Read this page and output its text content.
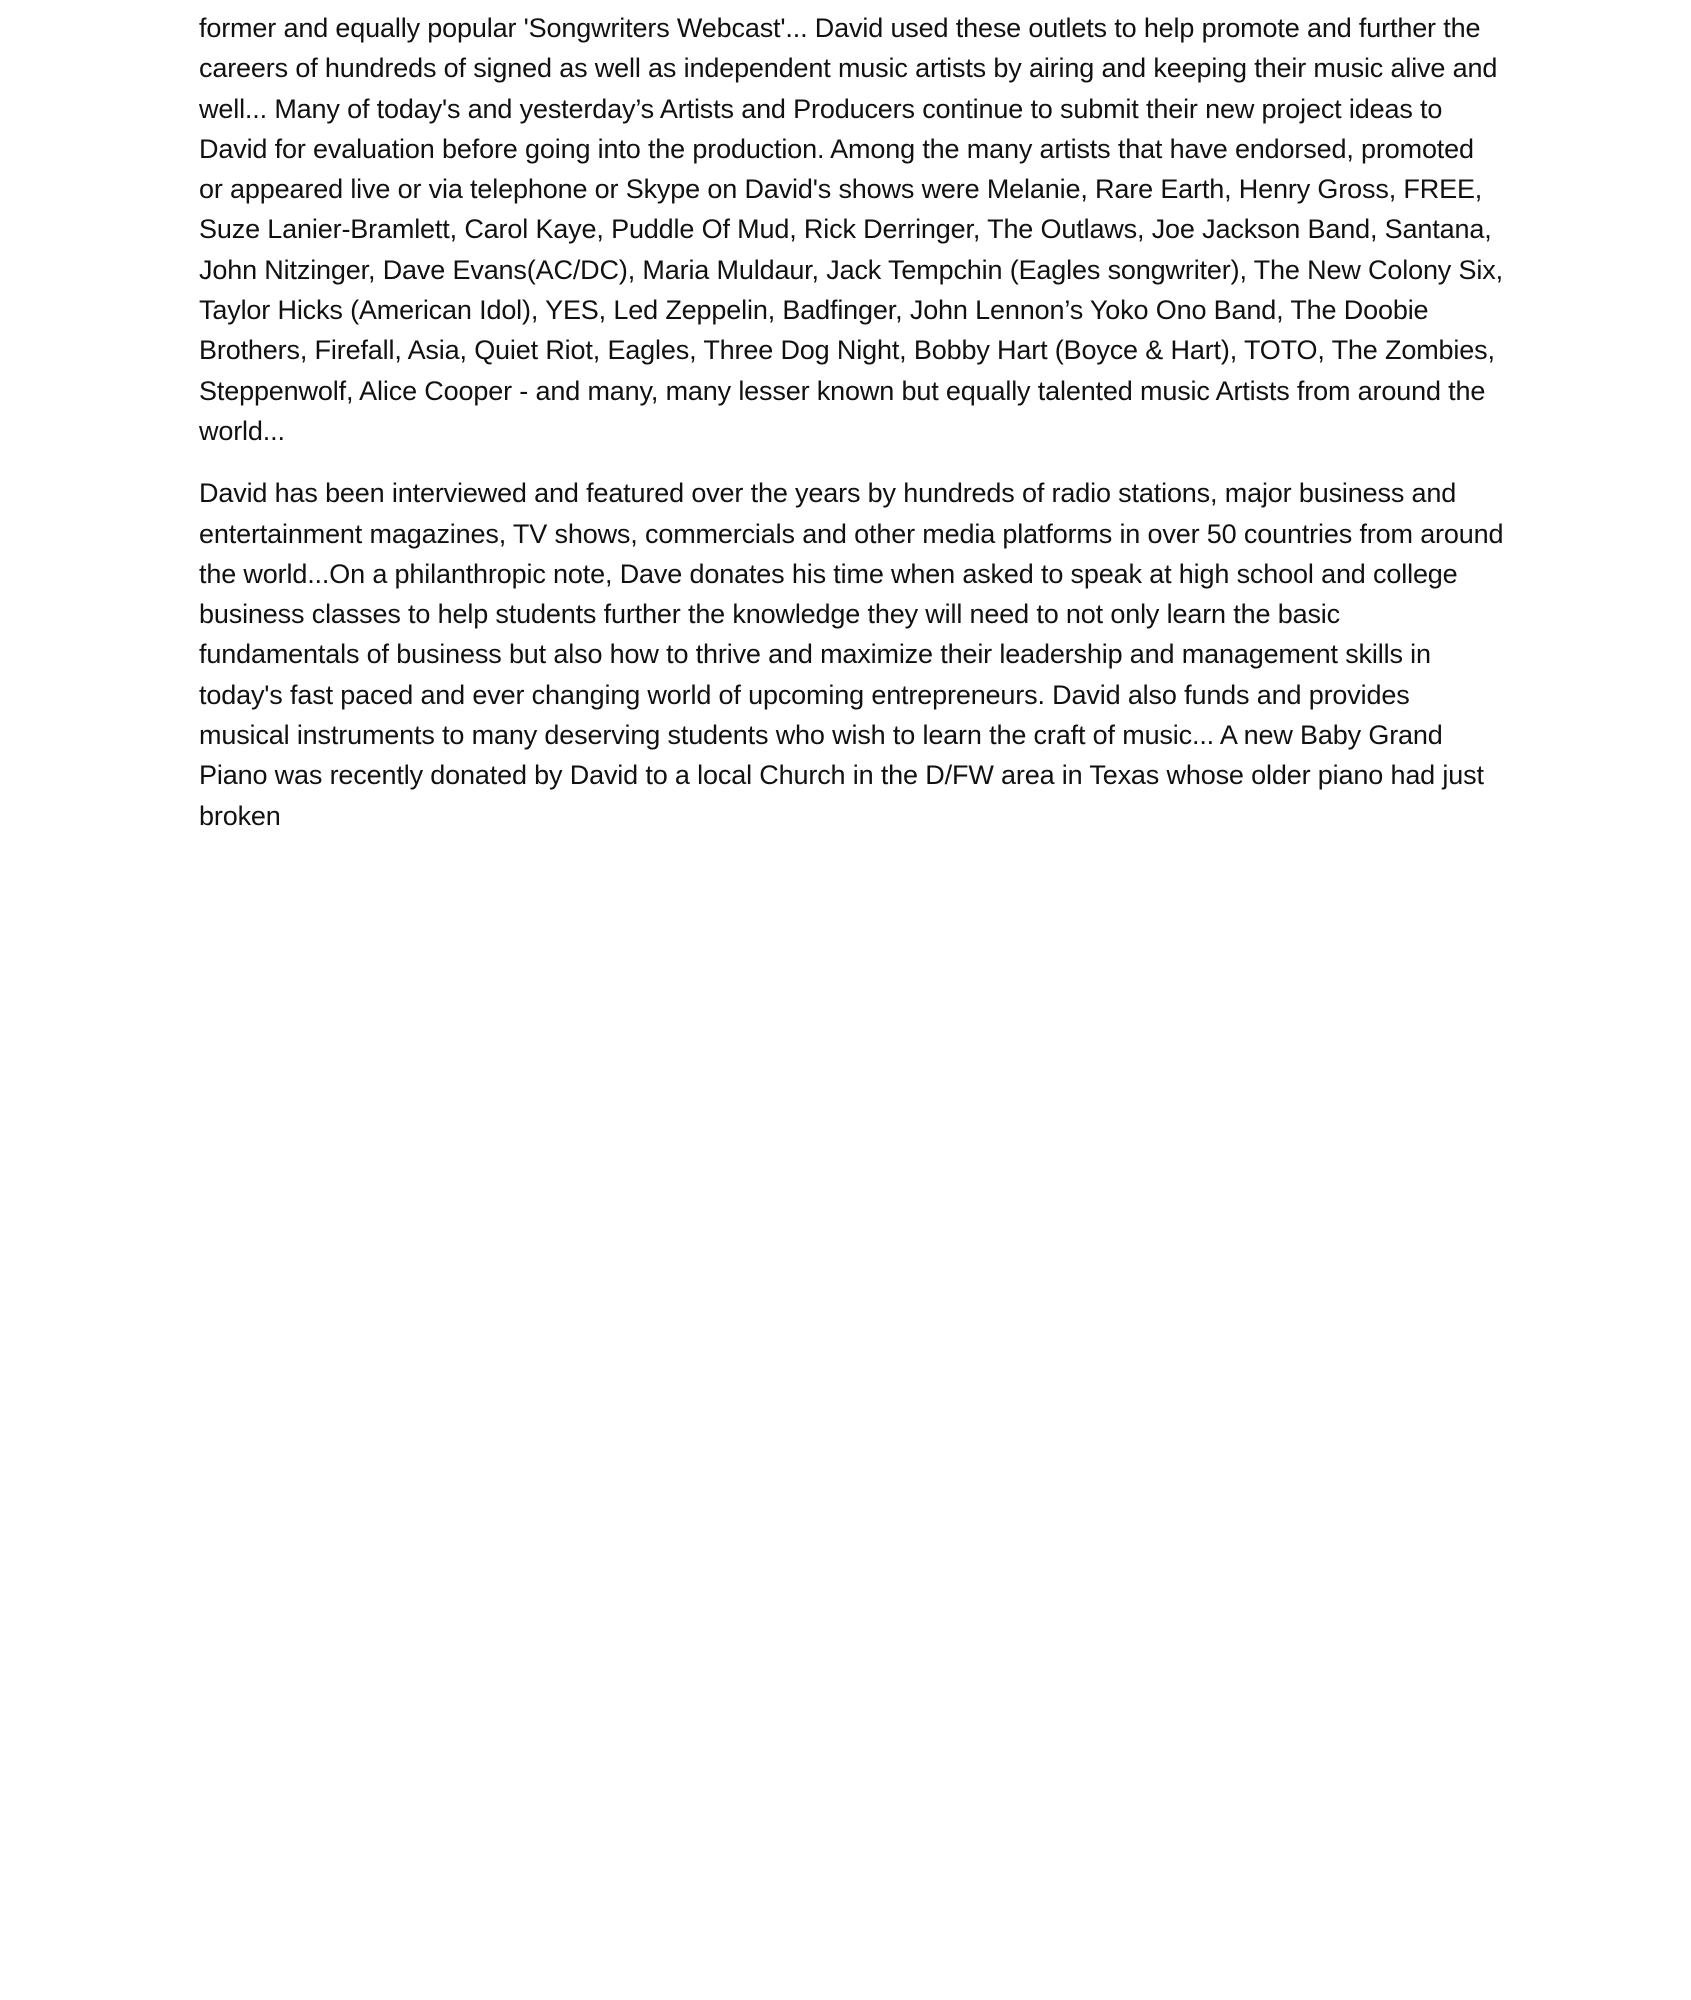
former and equally popular 'Songwriters Webcast'... David used these outlets to help promote and further the careers of hundreds of signed as well as independent music artists by airing and keeping their music alive and well... Many of today's and yesterday’s Artists and Producers continue to submit their new project ideas to David for evaluation before going into the production. Among the many artists that have endorsed, promoted or appeared live or via telephone or Skype on David's shows were Melanie, Rare Earth, Henry Gross, FREE, Suze Lanier-Bramlett, Carol Kaye, Puddle Of Mud, Rick Derringer, The Outlaws, Joe Jackson Band, Santana, John Nitzinger, Dave Evans(AC/DC), Maria Muldaur, Jack Tempchin (Eagles songwriter), The New Colony Six, Taylor Hicks (American Idol), YES, Led Zeppelin, Badfinger, John Lennon’s Yoko Ono Band, The Doobie Brothers, Firefall, Asia, Quiet Riot, Eagles, Three Dog Night, Bobby Hart (Boyce & Hart), TOTO, The Zombies, Steppenwolf, Alice Cooper - and many, many lesser known but equally talented music Artists from around the world...

David has been interviewed and featured over the years by hundreds of radio stations, major business and entertainment magazines, TV shows, commercials and other media platforms in over 50 countries from around the world...On a philanthropic note, Dave donates his time when asked to speak at high school and college business classes to help students further the knowledge they will need to not only learn the basic fundamentals of business but also how to thrive and maximize their leadership and management skills in today's fast paced and ever changing world of upcoming entrepreneurs. David also funds and provides musical instruments to many deserving students who wish to learn the craft of music... A new Baby Grand Piano was recently donated by David to a local Church in the D/FW area in Texas whose older piano had just broken
